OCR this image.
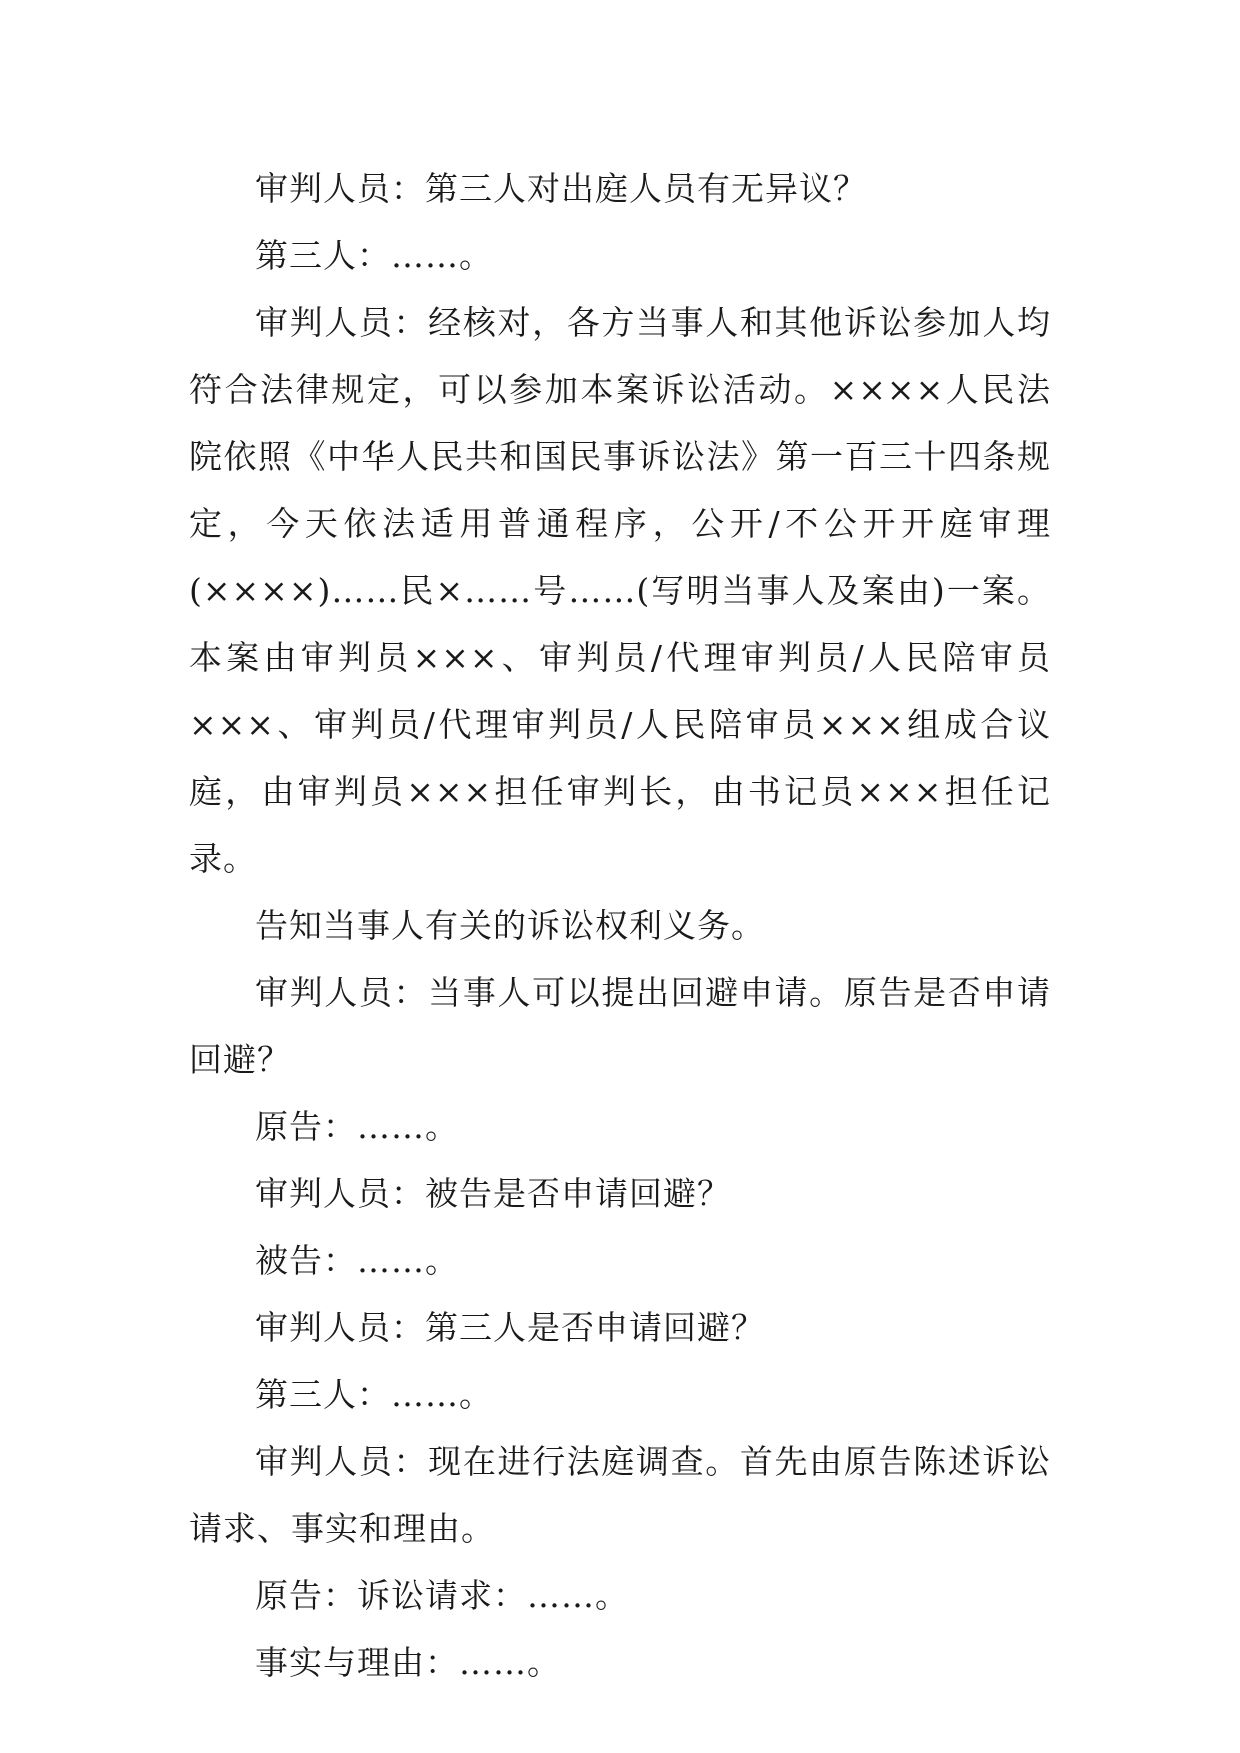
审判人员：第三人对出庭人员有无异议？

第三人：……。

审判人员：经核对，各方当事人和其他诉讼参加人均符合法律规定，可以参加本案诉讼活动。××××人民法院依照《中华人民共和国民事诉讼法》第一百三十四条规定，今天依法适用普通程序，公开/不公开开庭审理(××××)……民×……号……(写明当事人及案由)一案。本案由审判员×××、审判员/代理审判员/人民陪审员×××、审判员/代理审判员/人民陪审员×××组成合议庭，由审判员×××担任审判长，由书记员×××担任记录。

告知当事人有关的诉讼权利义务。

审判人员：当事人可以提出回避申请。原告是否申请回避？

原告：……。

审判人员：被告是否申请回避？

被告：……。

审判人员：第三人是否申请回避？

第三人：……。

审判人员：现在进行法庭调查。首先由原告陈述诉讼请求、事实和理由。

原告：诉讼请求：……。

事实与理由：……。
